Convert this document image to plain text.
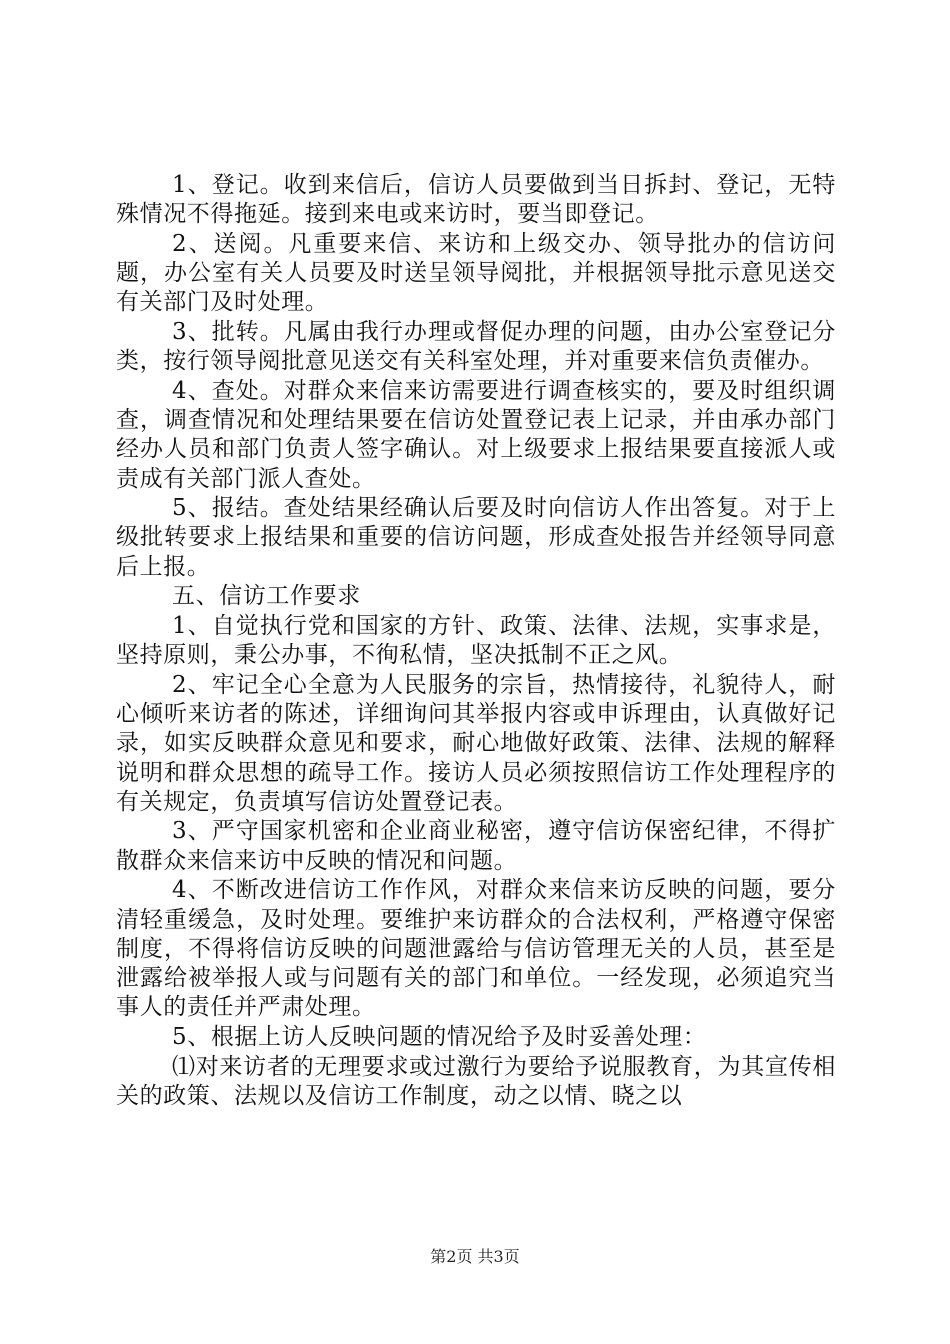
1、登记。收到来信后，信访人员要做到当日拆封、登记，无特殊情况不得拖延。接到来电或来访时，要当即登记。

2、送阅。凡重要来信、来访和上级交办、领导批办的信访问题，办公室有关人员要及时送呈领导阅批，并根据领导批示意见送交有关部门及时处理。

3、批转。凡属由我行办理或督促办理的问题，由办公室登记分类，按行领导阅批意见送交有关科室处理，并对重要来信负责催办。

4、查处。对群众来信来访需要进行调查核实的，要及时组织调查，调查情况和处理结果要在信访处置登记表上记录，并由承办部门经办人员和部门负责人签字确认。对上级要求上报结果要直接派人或责成有关部门派人查处。

5、报结。查处结果经确认后要及时向信访人作出答复。对于上级批转要求上报结果和重要的信访问题，形成查处报告并经领导同意后上报。

五、信访工作要求

1、自觉执行党和国家的方针、政策、法律、法规，实事求是，坚持原则，秉公办事，不徇私情，坚决抵制不正之风。

2、牢记全心全意为人民服务的宗旨，热情接待，礼貌待人，耐心倾听来访者的陈述，详细询问其举报内容或申诉理由，认真做好记录，如实反映群众意见和要求，耐心地做好政策、法律、法规的解释说明和群众思想的疏导工作。接访人员必须按照信访工作处理程序的有关规定，负责填写信访处置登记表。

3、严守国家机密和企业商业秘密，遵守信访保密纪律，不得扩散群众来信来访中反映的情况和问题。

4、不断改进信访工作作风，对群众来信来访反映的问题，要分清轻重缓急，及时处理。要维护来访群众的合法权利，严格遵守保密制度，不得将信访反映的问题泄露给与信访管理无关的人员，甚至是泄露给被举报人或与问题有关的部门和单位。一经发现，必须追究当事人的责任并严肃处理。

5、根据上访人反映问题的情况给予及时妥善处理：

⑴对来访者的无理要求或过激行为要给予说服教育，为其宣传相关的政策、法规以及信访工作制度，动之以情、晓之以

第2页 共3页
